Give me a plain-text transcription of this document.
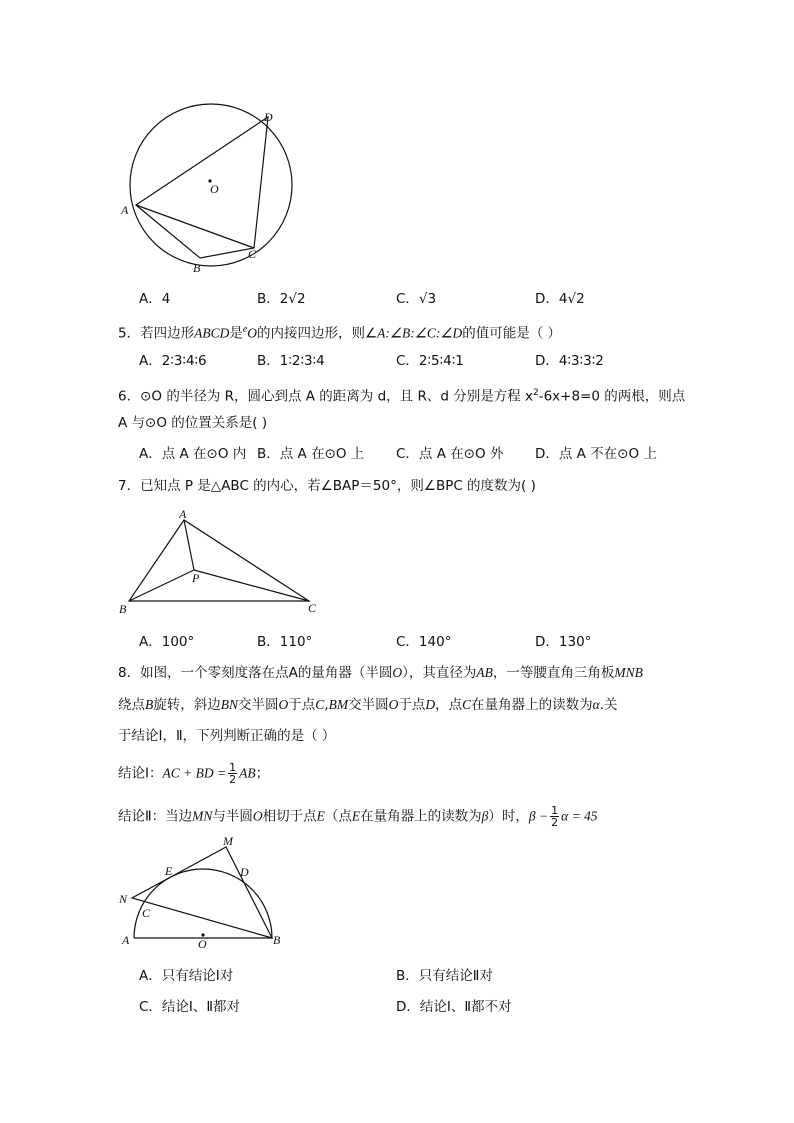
A
B
C
D
O
A．4	B．2√2	C．√3	D．4√2
5．若四边形ABCD是$^e$O的内接四边形，则∠A:∠B:∠C:∠D的值可能是（ ）
A．2∶3∶4∶6	B．1∶2∶3∶4	C．2∶5∶4∶1	D．4∶3∶3∶2
6．⊙O 的半径为 R，圆心到点 A 的距离为 d，且 R、d 分别是方程 $x^2-6x+8=0$ 的两根，则点
A 与⊙O 的位置关系是( )
A．点 A 在⊙O 内 B．点 A 在⊙O 上 C．点 A 在⊙O 外 D．点 A 不在⊙O 上
7．已知点 P 是△ABC 的内心，若∠BAP＝50°，则∠BPC 的度数为( )
A
B	C
P
A．100°	B．110°	C．140°	D．130°
8．如图，一个零刻度落在点A的量角器（半圆O），其直径为AB，一等腰直角三角板MNB
绕点B旋转，斜边BN交半圆O于点C,BM交半圆O于点D，点C在量角器上的读数为α.关
于结论Ⅰ，Ⅱ，下列判断正确的是（ ）
结论Ⅰ：AC + BD = $\frac{1}{2}$ AB；
结论Ⅱ：当边MN与半圆O相切于点E（点E在量角器上的读数为β）时，$\beta - \frac{1}{2}$ α = 45
M
E	D
N
C
A	O	B
A．只有结论Ⅰ对	B．只有结论Ⅱ对
C．结论Ⅰ、Ⅱ都对	D．结论Ⅰ、Ⅱ都不对
